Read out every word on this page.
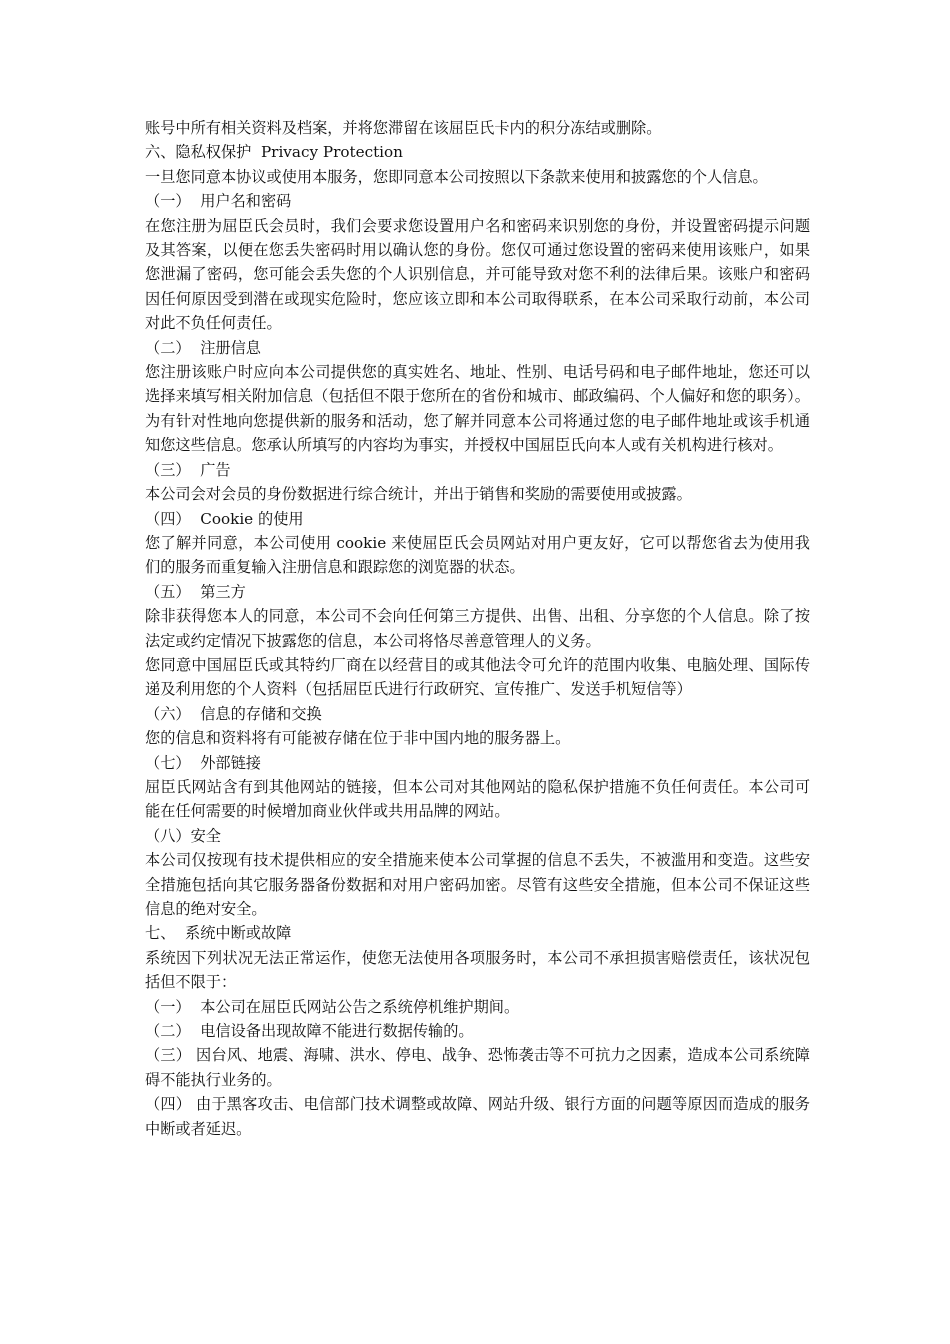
账号中所有相关资料及档案，并将您滞留在该屈臣氏卡内的积分冻结或删除。

六、隐私权保护  Privacy Protection

一旦您同意本协议或使用本服务，您即同意本公司按照以下条款来使用和披露您的个人信息。

（一）  用户名和密码

在您注册为屈臣氏会员时，我们会要求您设置用户名和密码来识别您的身份，并设置密码提示问题及其答案，以便在您丢失密码时用以确认您的身份。您仅可通过您设置的密码来使用该账户，如果您泄漏了密码，您可能会丢失您的个人识别信息，并可能导致对您不利的法律后果。该账户和密码因任何原因受到潜在或现实危险时，您应该立即和本公司取得联系，在本公司采取行动前，本公司对此不负任何责任。

（二）  注册信息

您注册该账户时应向本公司提供您的真实姓名、地址、性别、电话号码和电子邮件地址，您还可以选择来填写相关附加信息（包括但不限于您所在的省份和城市、邮政编码、个人偏好和您的职务）。为有针对性地向您提供新的服务和活动，您了解并同意本公司将通过您的电子邮件地址或该手机通知您这些信息。您承认所填写的内容均为事实，并授权中国屈臣氏向本人或有关机构进行核对。

（三）  广告

本公司会对会员的身份数据进行综合统计，并出于销售和奖励的需要使用或披露。

（四）  Cookie 的使用

您了解并同意，本公司使用 cookie 来使屈臣氏会员网站对用户更友好，它可以帮您省去为使用我们的服务而重复输入注册信息和跟踪您的浏览器的状态。

（五）  第三方

除非获得您本人的同意，本公司不会向任何第三方提供、出售、出租、分享您的个人信息。除了按法定或约定情况下披露您的信息，本公司将恪尽善意管理人的义务。

您同意中国屈臣氏或其特约厂商在以经营目的或其他法令可允许的范围内收集、电脑处理、国际传递及利用您的个人资料（包括屈臣氏进行行政研究、宣传推广、发送手机短信等）

（六）  信息的存储和交换

您的信息和资料将有可能被存储在位于非中国内地的服务器上。

（七）  外部链接

屈臣氏网站含有到其他网站的链接，但本公司对其他网站的隐私保护措施不负任何责任。本公司可能在任何需要的时候增加商业伙伴或共用品牌的网站。

（八）安全

本公司仅按现有技术提供相应的安全措施来使本公司掌握的信息不丢失，不被滥用和变造。这些安全措施包括向其它服务器备份数据和对用户密码加密。尽管有这些安全措施，但本公司不保证这些信息的绝对安全。

七、  系统中断或故障

系统因下列状况无法正常运作，使您无法使用各项服务时，本公司不承担损害赔偿责任，该状况包括但不限于：

（一）  本公司在屈臣氏网站公告之系统停机维护期间。

（二）  电信设备出现故障不能进行数据传输的。

（三） 因台风、地震、海啸、洪水、停电、战争、恐怖袭击等不可抗力之因素，造成本公司系统障碍不能执行业务的。

（四） 由于黑客攻击、电信部门技术调整或故障、网站升级、银行方面的问题等原因而造成的服务中断或者延迟。
